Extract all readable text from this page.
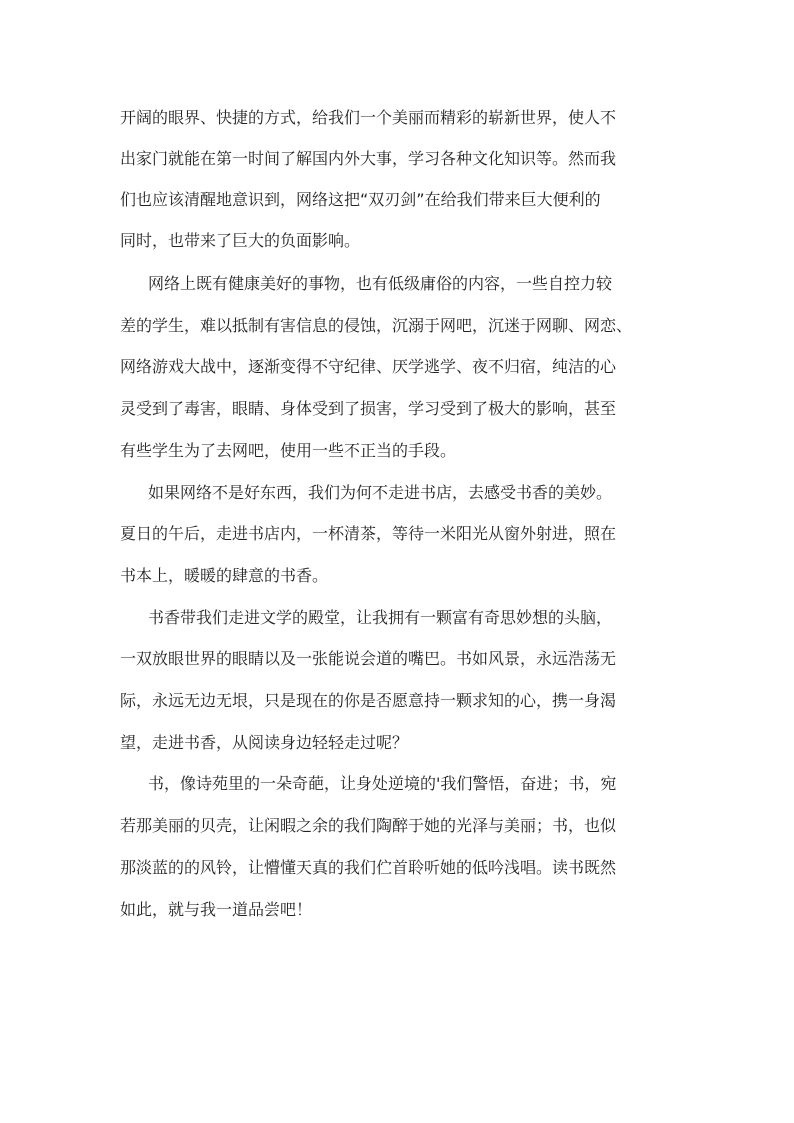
开阔的眼界、快捷的方式，给我们一个美丽而精彩的崭新世界，使人不

出家门就能在第一时间了解国内外大事，学习各种文化知识等。然而我

们也应该清醒地意识到，网络这把“双刃剑”在给我们带来巨大便利的

同时，也带来了巨大的负面影响。

网络上既有健康美好的事物，也有低级庸俗的内容，一些自控力较

差的学生，难以抵制有害信息的侵蚀，沉溺于网吧，沉迷于网聊、网恋、

网络游戏大战中，逐渐变得不守纪律、厌学逃学、夜不归宿，纯洁的心

灵受到了毒害，眼睛、身体受到了损害，学习受到了极大的影响，甚至

有些学生为了去网吧，使用一些不正当的手段。

如果网络不是好东西，我们为何不走进书店，去感受书香的美妙。

夏日的午后，走进书店内，一杯清茶，等待一米阳光从窗外射进，照在

书本上，暖暖的肆意的书香。

书香带我们走进文学的殿堂，让我拥有一颗富有奇思妙想的头脑，

一双放眼世界的眼睛以及一张能说会道的嘴巴。书如风景，永远浩荡无

际，永远无边无垠，只是现在的你是否愿意持一颗求知的心，携一身渴

望，走进书香，从阅读身边轻轻走过呢？

书，像诗苑里的一朵奇葩，让身处逆境的'我们警悟，奋进；书，宛

若那美丽的贝壳，让闲暇之余的我们陶醉于她的光泽与美丽；书，也似

那淡蓝的的风铃，让懵懂天真的我们伫首聆听她的低吟浅唱。读书既然

如此，就与我一道品尝吧！
